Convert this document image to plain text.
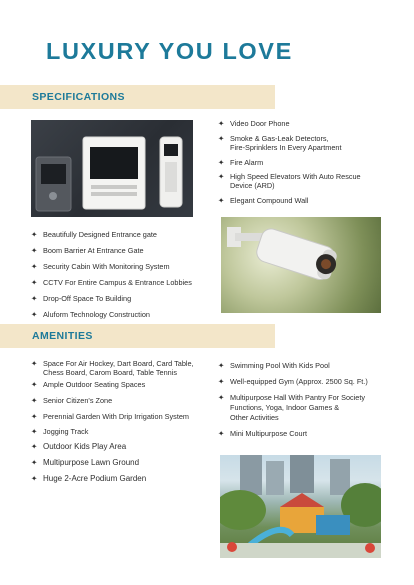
LUXURY YOU LOVE
SPECIFICATIONS
✦ Video Door Phone
✦ Smoke & Gas-Leak Detectors,
Fire-Sprinklers In Every Apartment
✦ Fire Alarm
✦ High Speed Elevators With Auto Rescue
Device (ARD)
✦ Elegant Compound Wall
✦ Beautifully Designed Entrance gate
✦ Boom Barrier At Entrance Gate
✦ Security Cabin With Monitoring System
✦ CCTV For Entire Campus & Entrance Lobbies
✦ Drop-Off Space To Building
✦ Aluform Technology Construction
AMENITIES
✦ Space For Air Hockey, Dart Board, Card Table,
Chess Board, Carom Board, Table Tennis
✦ Ample Outdoor Seating Spaces
✦ Senior Citizen's Zone
✦ Perennial Garden With Drip Irrigation System
✦ Jogging Track
✦ Outdoor Kids Play Area
✦ Multipurpose Lawn Ground
✦ Huge 2-Acre Podium Garden
✦ Swimming Pool With Kids Pool
✦ Well-equipped Gym (Approx. 2500 Sq. Ft.)
✦ Multipurpose Hall With Pantry For Society
Functions, Yoga, Indoor Games &
Other Activities
✦ Mini Multipurpose Court
